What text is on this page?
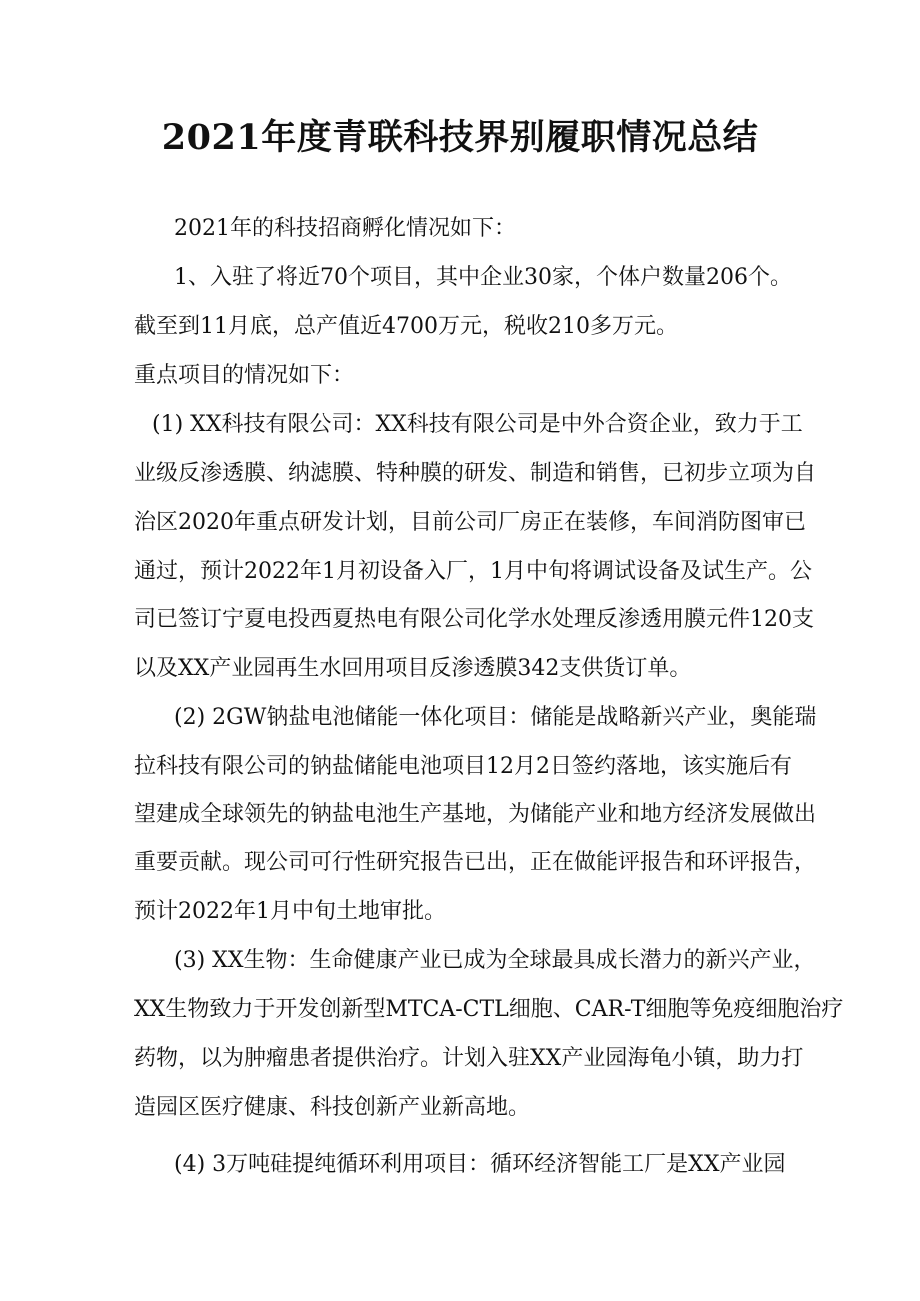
2021年度青联科技界别履职情况总结

2021年的科技招商孵化情况如下：

1、入驻了将近70个项目，其中企业30家，个体户数量206个。

截至到11月底，总产值近4700万元，税收210多万元。

重点项目的情况如下：

(1) XX科技有限公司：XX科技有限公司是中外合资企业，致力于工

业级反渗透膜、纳滤膜、特种膜的研发、制造和销售，已初步立项为自

治区2020年重点研发计划，目前公司厂房正在装修，车间消防图审已

通过，预计2022年1月初设备入厂，1月中旬将调试设备及试生产。公

司已签订宁夏电投西夏热电有限公司化学水处理反渗透用膜元件120支

以及XX产业园再生水回用项目反渗透膜342支供货订单。

(2) 2GW钠盐电池储能一体化项目：储能是战略新兴产业，奥能瑞

拉科技有限公司的钠盐储能电池项目12月2日签约落地，该实施后有

望建成全球领先的钠盐电池生产基地，为储能产业和地方经济发展做出

重要贡献。现公司可行性研究报告已出，正在做能评报告和环评报告，

预计2022年1月中旬土地审批。

(3) XX生物：生命健康产业已成为全球最具成长潜力的新兴产业，

XX生物致力于开发创新型MTCA-CTL细胞、CAR-T细胞等免疫细胞治疗

药物，以为肿瘤患者提供治疗。计划入驻XX产业园海龟小镇，助力打

造园区医疗健康、科技创新产业新高地。

(4) 3万吨硅提纯循环利用项目：循环经济智能工厂是XX产业园
